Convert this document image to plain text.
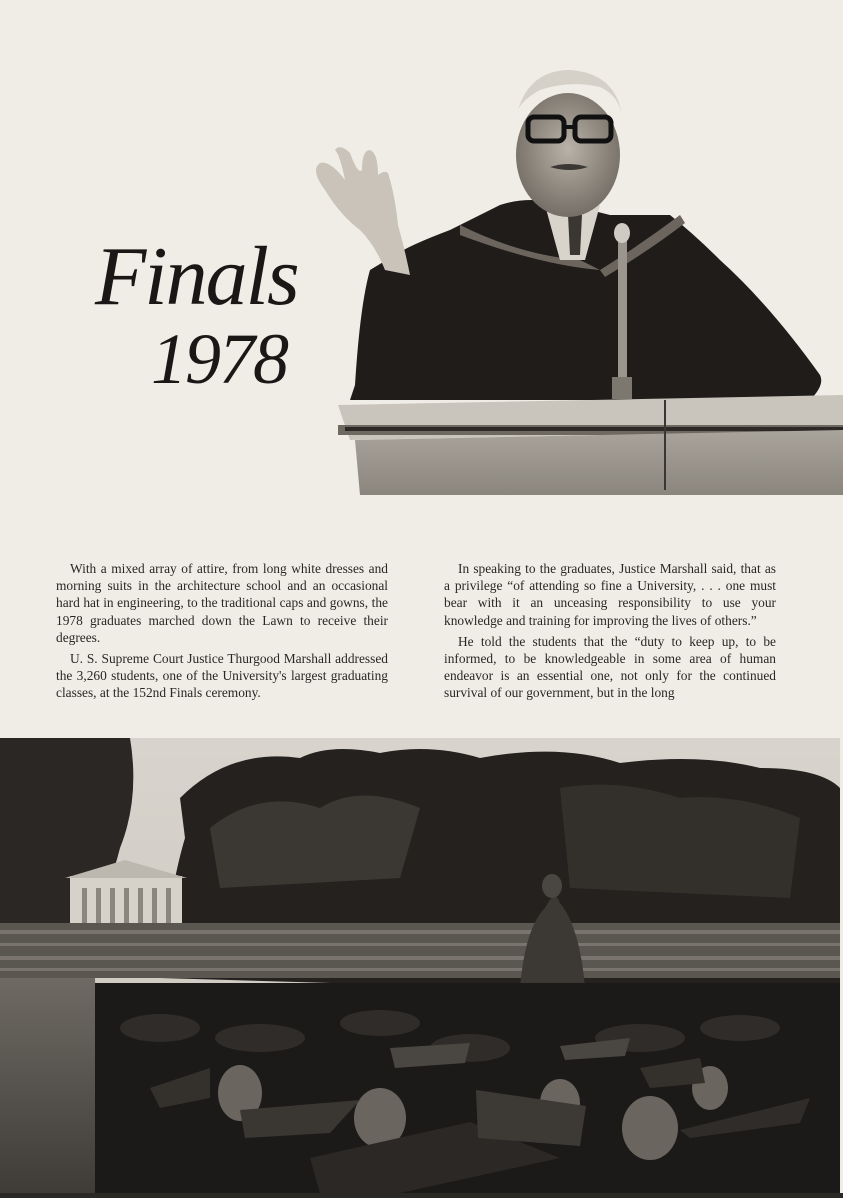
Finals
1978

With a mixed array of attire, from long white dresses and morning suits in the architecture school and an occasional hard hat in engineering, to the traditional caps and gowns, the 1978 graduates marched down the Lawn to receive their degrees.

U. S. Supreme Court Justice Thurgood Marshall addressed the 3,260 students, one of the University's largest graduating classes, at the 152nd Finals ceremony.

In speaking to the graduates, Justice Marshall said, that as a privilege “of attending so fine a University, . . . one must bear with it an unceasing responsibility to use your knowledge and training for improving the lives of others.”

He told the students that the “duty to keep up, to be informed, to be knowledgeable in some area of human endeavor is an essential one, not only for the continued survival of our government, but in the long
